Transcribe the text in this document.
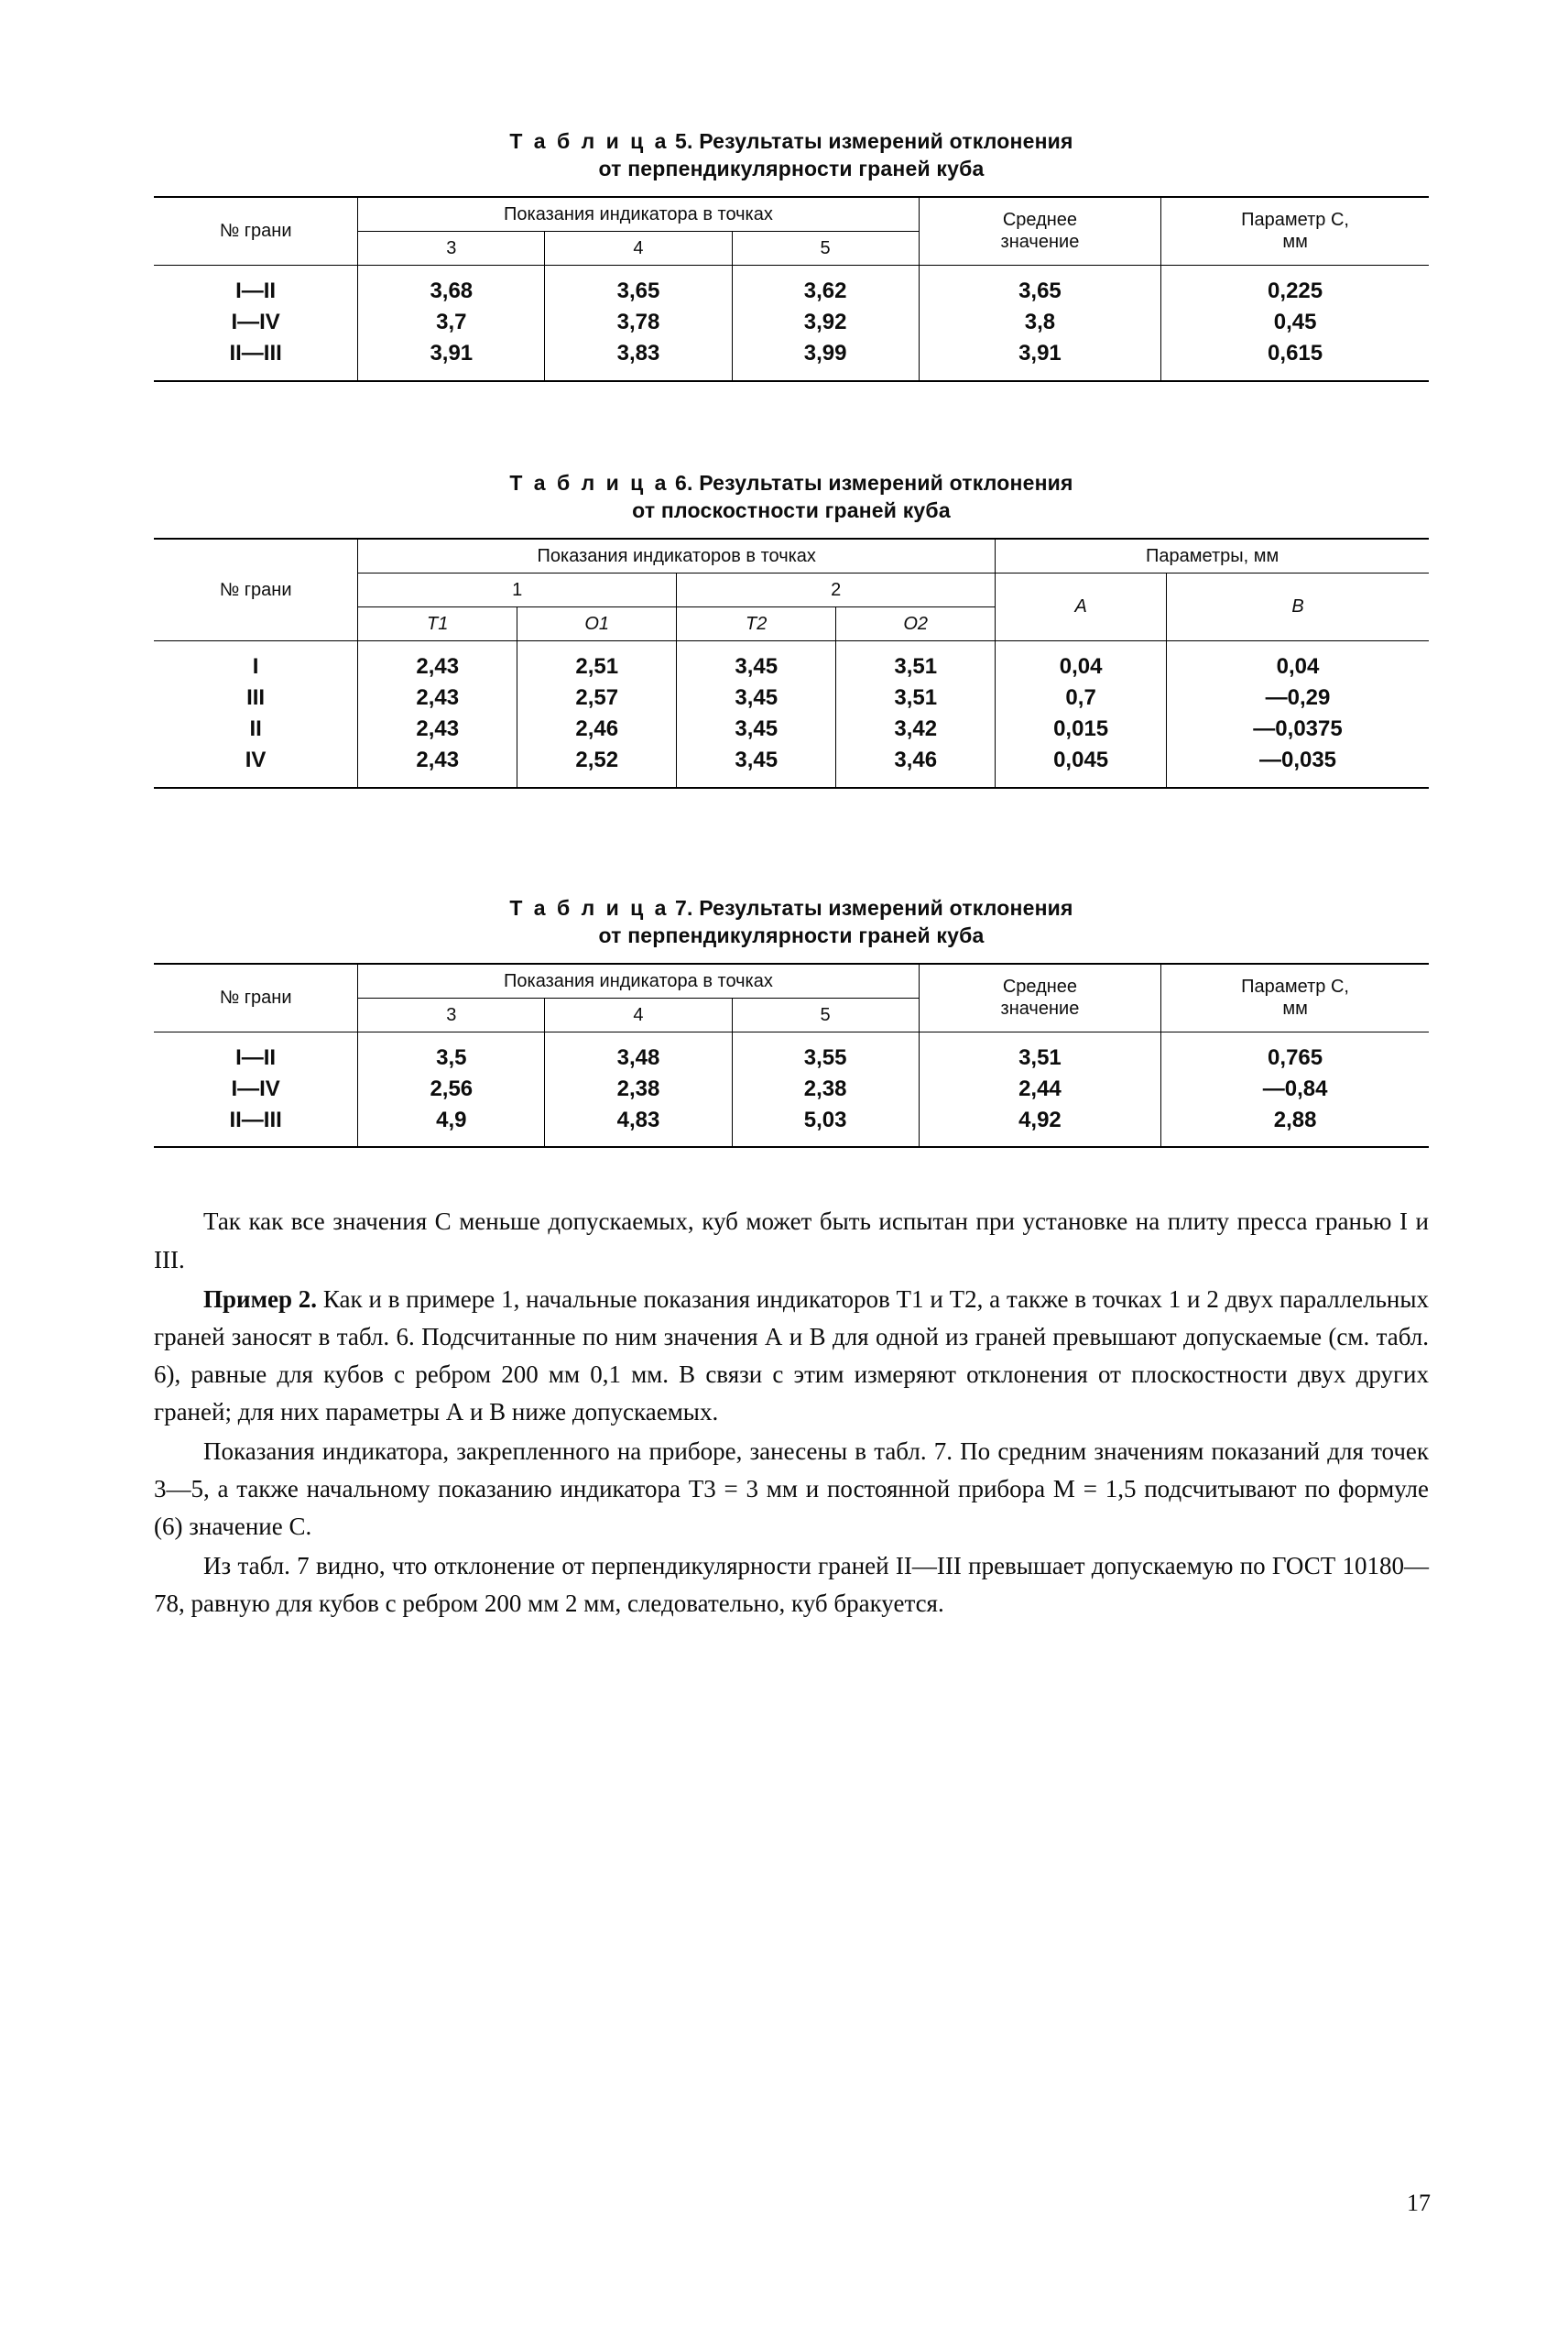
Т а б л и ц а 5. Результаты измерений отклонения
от перпендикулярности граней куба
№ грани	Показания индикатора в точках			Среднее
значение	Параметр С,
мм
	3	4	5		
I—II	3,68	3,65	3,62	3,65	0,225
I—IV	3,7	3,78	3,92	3,8	0,45
II—III	3,91	3,83	3,99	3,91	0,615
Т а б л и ц а 6. Результаты измерений отклонения
от плоскостности граней куба
№ грани	Показания индикаторов в точках				Параметры, мм	
	1		2		А	В
	Т1	О1	Т2	О2		
I	2,43	2,51	3,45	3,51	0,04	0,04
III	2,43	2,57	3,45	3,51	0,7	—0,29
II	2,43	2,46	3,45	3,42	0,015	—0,0375
IV	2,43	2,52	3,45	3,46	0,045	—0,035
Т а б л и ц а 7. Результаты измерений отклонения
от перпендикулярности граней куба
№ грани	Показания индикатора в точках			Среднее
значение	Параметр С,
мм
	3	4	5		
I—II	3,5	3,48	3,55	3,51	0,765
I—IV	2,56	2,38	2,38	2,44	—0,84
II—III	4,9	4,83	5,03	4,92	2,88

Так как все значения С меньше допускаемых, куб может быть испытан при установке на плиту пресса гранью I и III.

Пример 2. Как и в примере 1, начальные показания индикаторов Т1 и Т2, а также в точках 1 и 2 двух параллельных граней заносят в табл. 6. Подсчитанные по ним значения А и В для одной из граней превышают допускаемые (см. табл. 6), равные для кубов с ребром 200 мм 0,1 мм. В связи с этим измеряют отклонения от плоскостности двух других граней; для них параметры А и В ниже допускаемых.

Показания индикатора, закрепленного на приборе, занесены в табл. 7. По средним значениям показаний для точек 3—5, а также начальному показанию индикатора Т3 = 3 мм и постоянной прибора М = 1,5 подсчитывают по формуле (6) значение С.

Из табл. 7 видно, что отклонение от перпендикулярности граней II—III превышает допускаемую по ГОСТ 10180—78, равную для кубов с ребром 200 мм 2 мм, следовательно, куб бракуется.

17
